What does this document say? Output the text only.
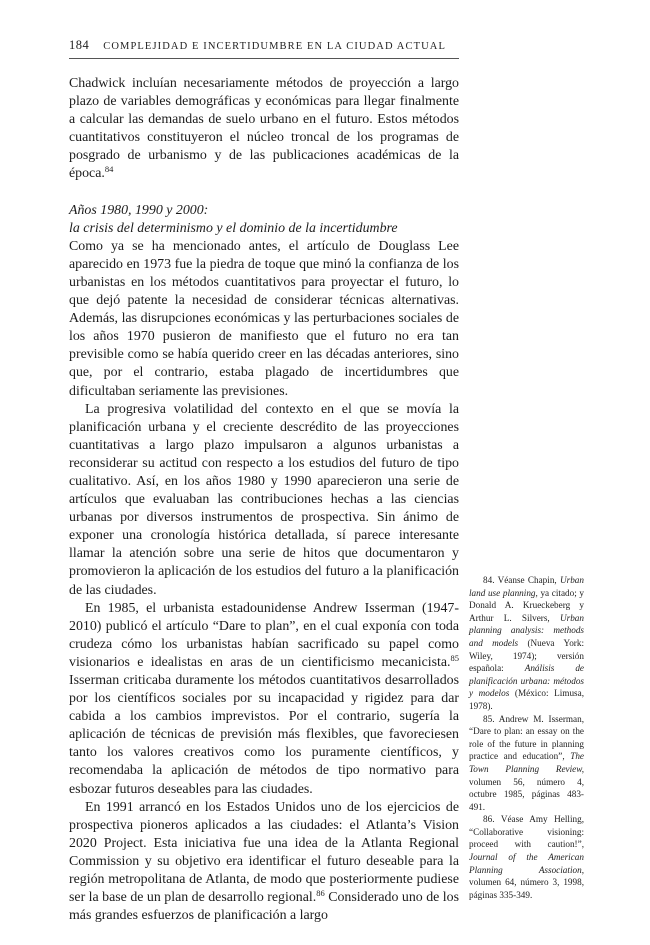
184 COMPLEJIDAD E INCERTIDUMBRE EN LA CIUDAD ACTUAL

Chadwick incluían necesariamente métodos de proyección a largo plazo de variables demográficas y económicas para llegar finalmente a calcular las demandas de suelo urbano en el futuro. Estos métodos cuantitativos constituyeron el núcleo troncal de los programas de posgrado de urbanismo y de las publicaciones académicas de la época.$^{84}$

Años 1980, 1990 y 2000:

la crisis del determinismo y el dominio de la incertidumbre

Como ya se ha mencionado antes, el artículo de Douglass Lee aparecido en 1973 fue la piedra de toque que minó la confianza de los urbanistas en los métodos cuantitativos para proyectar el futuro, lo que dejó patente la necesidad de considerar técnicas alternativas. Además, las disrupciones económicas y las perturbaciones sociales de los años 1970 pusieron de manifiesto que el futuro no era tan previsible como se había querido creer en las décadas anteriores, sino que, por el contrario, estaba plagado de incertidumbres que dificultaban seriamente las previsiones.

La progresiva volatilidad del contexto en el que se movía la planificación urbana y el creciente descrédito de las proyecciones cuantitativas a largo plazo impulsaron a algunos urbanistas a reconsiderar su actitud con respecto a los estudios del futuro de tipo cualitativo. Así, en los años 1980 y 1990 aparecieron una serie de artículos que evaluaban las contribuciones hechas a las ciencias urbanas por diversos instrumentos de prospectiva. Sin ánimo de exponer una cronología histórica detallada, sí parece interesante llamar la atención sobre una serie de hitos que documentaron y promovieron la aplicación de los estudios del futuro a la planificación de las ciudades.

En 1985, el urbanista estadounidense Andrew Isserman (1947-2010) publicó el artículo “Dare to plan”, en el cual exponía con toda crudeza cómo los urbanistas habían sacrificado su papel como visionarios e idealistas en aras de un cientificismo mecanicista.$^{85}$ Isserman criticaba duramente los métodos cuantitativos desarrollados por los científicos sociales por su incapacidad y rigidez para dar cabida a los cambios imprevistos. Por el contrario, sugería la aplicación de técnicas de previsión más flexibles, que favoreciesen tanto los valores creativos como los puramente científicos, y recomendaba la aplicación de métodos de tipo normativo para esbozar futuros deseables para las ciudades.

En 1991 arrancó en los Estados Unidos uno de los ejercicios de prospectiva pioneros aplicados a las ciudades: el Atlanta’s Vision 2020 Project. Esta iniciativa fue una idea de la Atlanta Regional Commission y su objetivo era identificar el futuro deseable para la región metropolitana de Atlanta, de modo que posteriormente pudiese ser la base de un plan de desarrollo regional.$^{86}$ Considerado uno de los más grandes esfuerzos de planificación a largo

84. Véanse Chapin, Urban land use planning, ya citado; y Donald A. Krueckeberg y Arthur L. Silvers, Urban planning analysis: methods and models (Nueva York: Wiley, 1974); versión española: Análisis de planificación urbana: métodos y modelos (México: Limusa, 1978).

85. Andrew M. Isserman, “Dare to plan: an essay on the role of the future in planning practice and education”, The Town Planning Review, volumen 56, número 4, octubre 1985, páginas 483-491.

86. Véase Amy Helling, “Collaborative visioning: proceed with caution!”, Journal of the American Planning Association, volumen 64, número 3, 1998, páginas 335-349.
